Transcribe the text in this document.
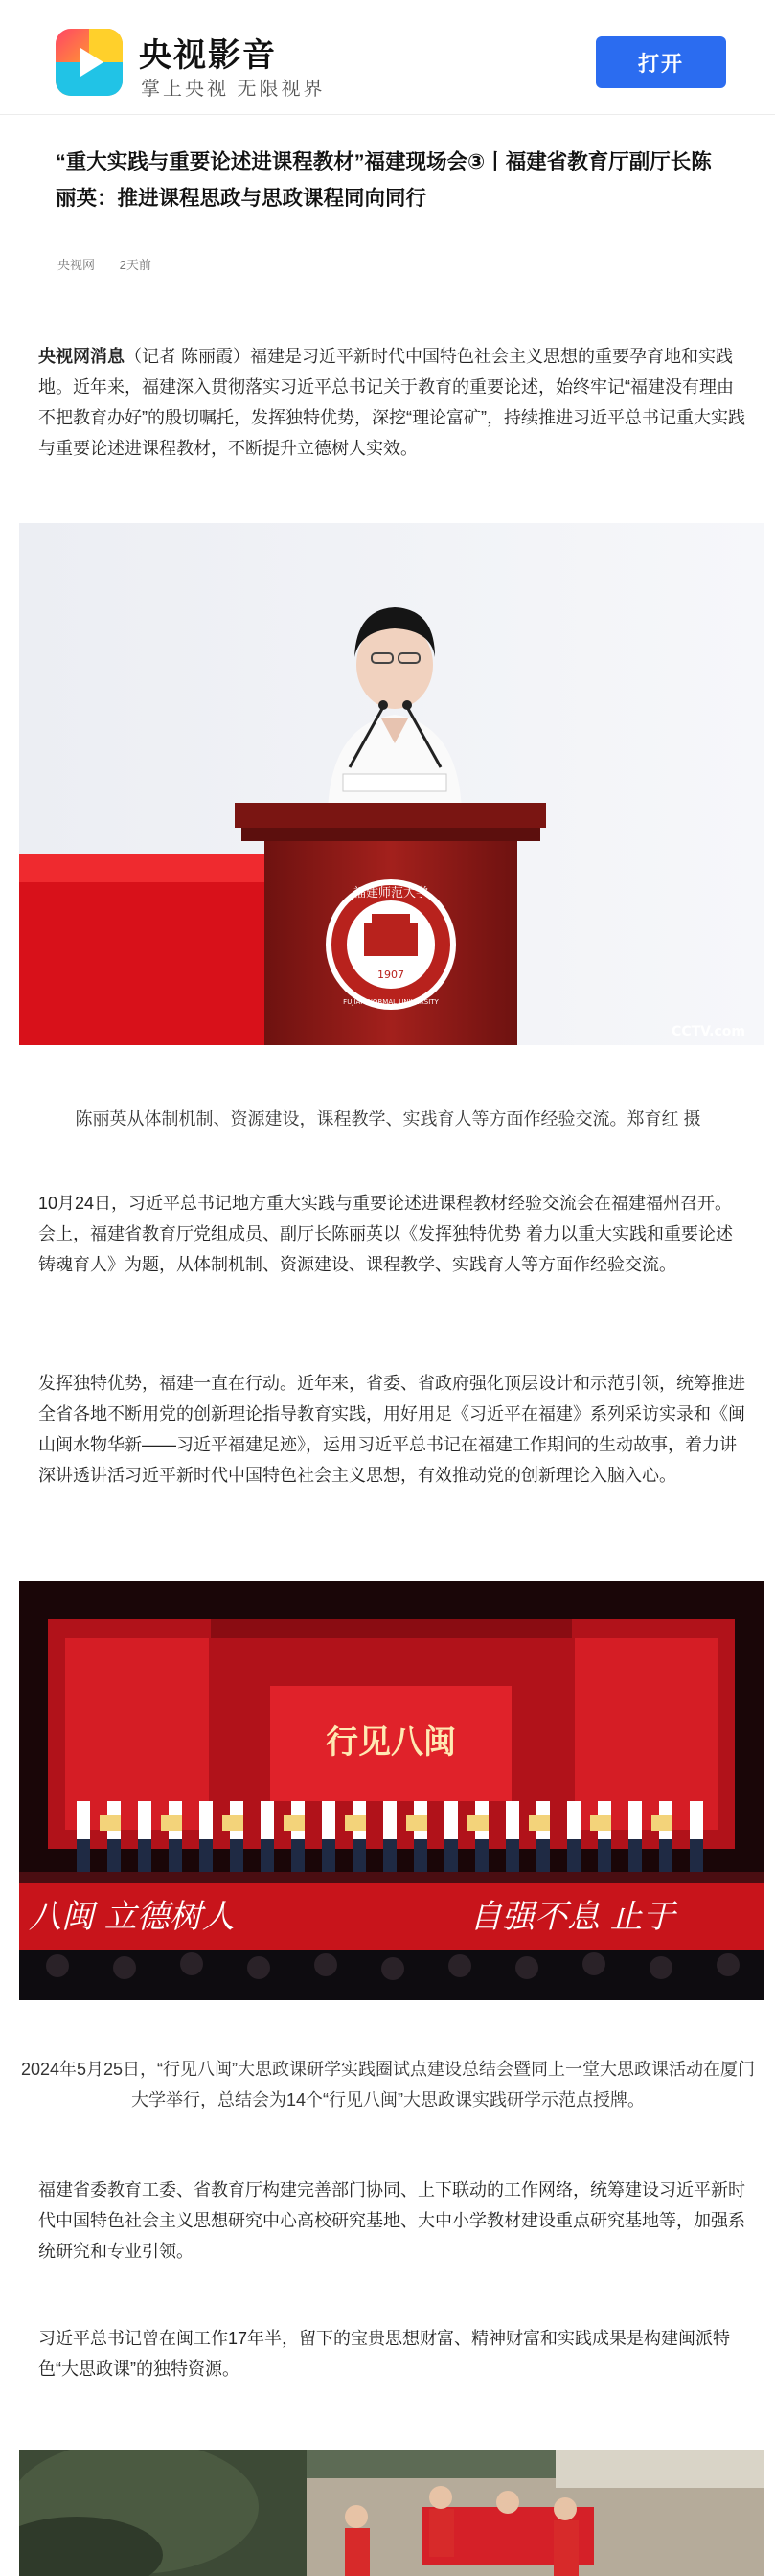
央视影音
掌上央视 无限视界
打开
“重大实践与重要论述进课程教材”福建现场会③丨福建省教育厅副厅长陈丽英：推进课程思政与思政课程同向同行
央视网 2天前

央视网消息（记者 陈丽霞）福建是习近平新时代中国特色社会主义思想的重要孕育地和实践地。近年来，福建深入贯彻落实习近平总书记关于教育的重要论述，始终牢记“福建没有理由不把教育办好”的殷切嘱托，发挥独特优势，深挖“理论富矿”，持续推进习近平总书记重大实践与重要论述进课程教材，不断提升立德树人实效。

1907
福建师范大学
FUJIAN NORMAL UNIVERSITY
CCTV.com
陈丽英从体制机制、资源建设，课程教学、实践育人等方面作经验交流。郑育红 摄

10月24日，习近平总书记地方重大实践与重要论述进课程教材经验交流会在福建福州召开。会上，福建省教育厅党组成员、副厅长陈丽英以《发挥独特优势 着力以重大实践和重要论述铸魂育人》为题，从体制机制、资源建设、课程教学、实践育人等方面作经验交流。

发挥独特优势，福建一直在行动。近年来，省委、省政府强化顶层设计和示范引领，统筹推进全省各地不断用党的创新理论指导教育实践，用好用足《习近平在福建》系列采访实录和《闽山闽水物华新——习近平福建足迹》，运用习近平总书记在福建工作期间的生动故事，着力讲深讲透讲活习近平新时代中国特色社会主义思想，有效推动党的创新理论入脑入心。

行见八闽
八闽 立德树人	自强不息 止于
2024年5月25日，“行见八闽”大思政课研学实践圈试点建设总结会暨同上一堂大思政课活动在厦门大学举行，总结会为14个“行见八闽”大思政课实践研学示范点授牌。

福建省委教育工委、省教育厅构建完善部门协同、上下联动的工作网络，统筹建设习近平新时代中国特色社会主义思想研究中心高校研究基地、大中小学教材建设重点研究基地等，加强系统研究和专业引领。

习近平总书记曾在闽工作17年半，留下的宝贵思想财富、精神财富和实践成果是构建闽派特色“大思政课”的独特资源。
